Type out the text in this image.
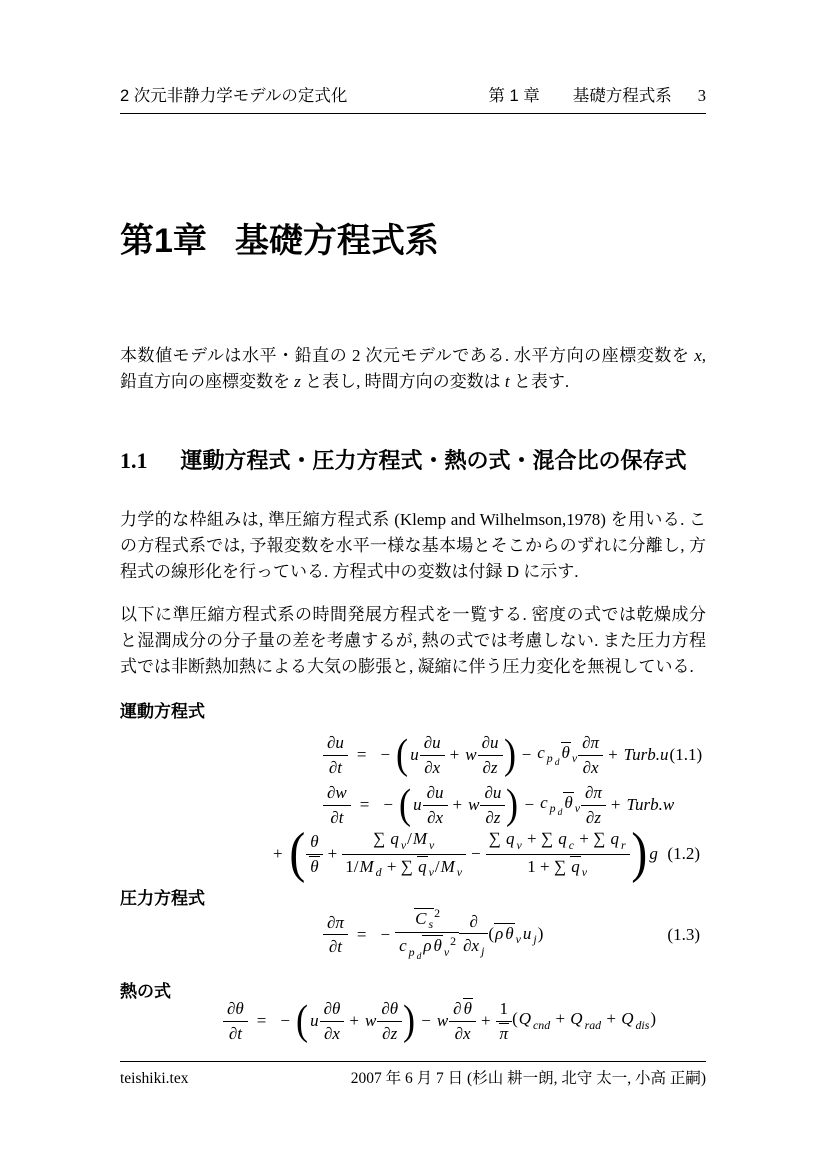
2 次元非静力学モデルの定式化	第 1 章　　基礎方程式系 3
第1章 基礎方程式系

本数値モデルは水平・鉛直の 2 次元モデルである. 水平方向の座標変数を x, 鉛直方向の座標変数を z と表し, 時間方向の変数は t と表す.

1.1 運動方程式・圧力方程式・熱の式・混合比の保存式

力学的な枠組みは, 準圧縮方程式系 (Klemp and Wilhelmson,1978) を用いる. この方程式系では, 予報変数を水平一様な基本場とそこからのずれに分離し, 方程式の線形化を行っている. 方程式中の変数は付録 D に示す.

以下に準圧縮方程式系の時間発展方程式を一覧する. 密度の式では乾燥成分と湿潤成分の分子量の差を考慮するが, 熱の式では考慮しない. また圧力方程式では非断熱加熱による大気の膨張と, 凝縮に伴う圧力変化を無視している.

運動方程式
$\frac{\partial u}{\partial t}$ = − ( u
∂u
∂x
+ w
∂u
∂z ) − c $_{p _d}$θ $_v$
∂π
∂x
+ Turb.u (1.1)
$\frac{\partial w}{\partial t}$ = − ( u
∂u
∂x
+ w
∂u
∂z ) − c $_{p _d}$θ $_v$
∂π
∂z
+ Turb.w
+ ( θ
θ
+ $\frac{\sum q _v/M _v}{1/M _d + \sum q _v/M _v} - \frac{\sum q _v + \sum q _c + \sum q _r}{1 + \sum q _v}$ ) g (1.2)
圧力方程式
$\frac{\partial\pi}{\partial t}$ = −
C $_s^2$
c $_{p _d}$ρ θ $_v^2$
∂
∂x $_j$
(ρ θ $_v$ u $_j$)	(1.3)
熱の式
$\frac{\partial\theta}{\partial t}$ = − ( u
∂θ
∂x
+ w
∂θ
∂z ) − w
∂ θ
∂x
+ $\frac{1}{\pi} (Q$ $_{cnd}$ + Q $_{rad}$ + Q $_{dis}$)
teishiki.tex	2007 年 6 月 7 日 (杉山 耕一朗, 北守 太一, 小高 正嗣)
